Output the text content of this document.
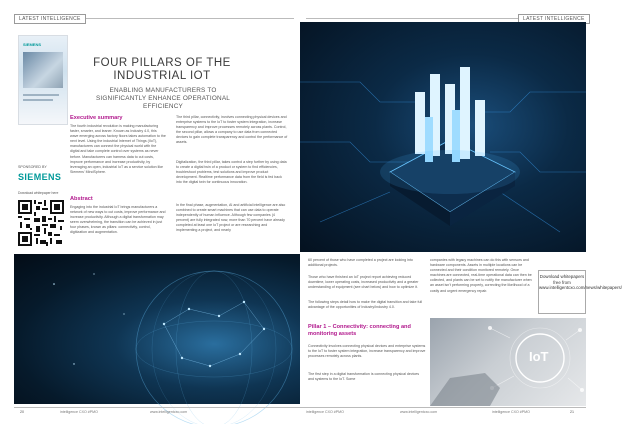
LATEST INTELLIGENCE	LATEST INTELLIGENCE
SIEMENS
FOUR PILLARS OF THE INDUSTRIAL IOT
ENABLING MANUFACTURERS TO SIGNIFICANTLY ENHANCE OPERATIONAL EFFICIENCY
SPONSORED BY
SIEMENS
Download whitepaper here
Executive summary
The fourth industrial revolution is making manufacturing faster, smarter, and leaner. Known as Industry 4.0, this wave emerging across factory floors takes automation to the next level. Using the industrial Internet of Things (IIoT), manufacturers can connect the physical world with the digital and take complete control over systems as never before. Manufacturers can harness data to cut costs, improve performance and increase productivity, by leveraging an open, industrial IoT as a service solution like Siemens' MindSphere.
Abstract
Engaging into the industrial IoT brings manufacturers a network of new ways to cut costs, improve performance and increase productivity. Although a digital transformation may seem overwhelming, the transition can be achieved in just four phases, known as pillars: connectivity, control, digitization and augmentation.
The third pillar, connectivity, involves connecting physical devices and enterprise systems to the IoT to foster system integration, increase transparency and improve processes remotely across plants. Control, the second pillar, allows a company to use data from connected devices to gain complete transparency and control the performance of assets.
Digitalization, the third pillar, takes control a step further by using data to create a digital twin of a product or system to find efficiencies, troubleshoot problems, test solutions and improve product development. Realtime performance data from the field is fed back into the digital twin for continuous innovation.
In the final phase, augmentation, AI and artificial intelligence are also combined to create smart machines that can use data to operate independently of human influence. Although few companies (4 percent) are fully integrated now, more than 70 percent have already completed at least one IoT project or are researching and implementing a project, and nearly
20	intelligence CXO #PMO	www.intelligentcxo.com
60 percent of those who have completed a project are looking into additional projects.
Those who have finished an IoT project report achieving reduced downtime, lower operating costs, increased productivity and a greater understanding of equipment (see chart below) and how to optimize it.
The following steps detail how to make the digital transition and take full advantage of the opportunities of Industry/Industry 4.0.
Pillar 1 – Connectivity: connecting and monitoring assets
Connectivity involves connecting physical devices and enterprise systems to the IoT to foster system integration, increase transparency and improve processes remotely across plants.
The first step in a digital transformation is connecting physical devices and systems to the IoT. Some
companies with legacy machines can do this with sensors and hardware components. Assets in multiple locations can be connected and their condition monitored remotely. Once machines are connected, real-time operational data can then be collected, and plants can be set to notify the manufacturer when an asset isn't performing properly, correcting the likelihood of a costly and urgent emergency repair.
Download whitepapers free from www.intelligentcxo.com/news/whitepapers/
IoT
intelligence CXO #PMO	www.intelligentcxo.com	intelligence CXO #PMO	21
